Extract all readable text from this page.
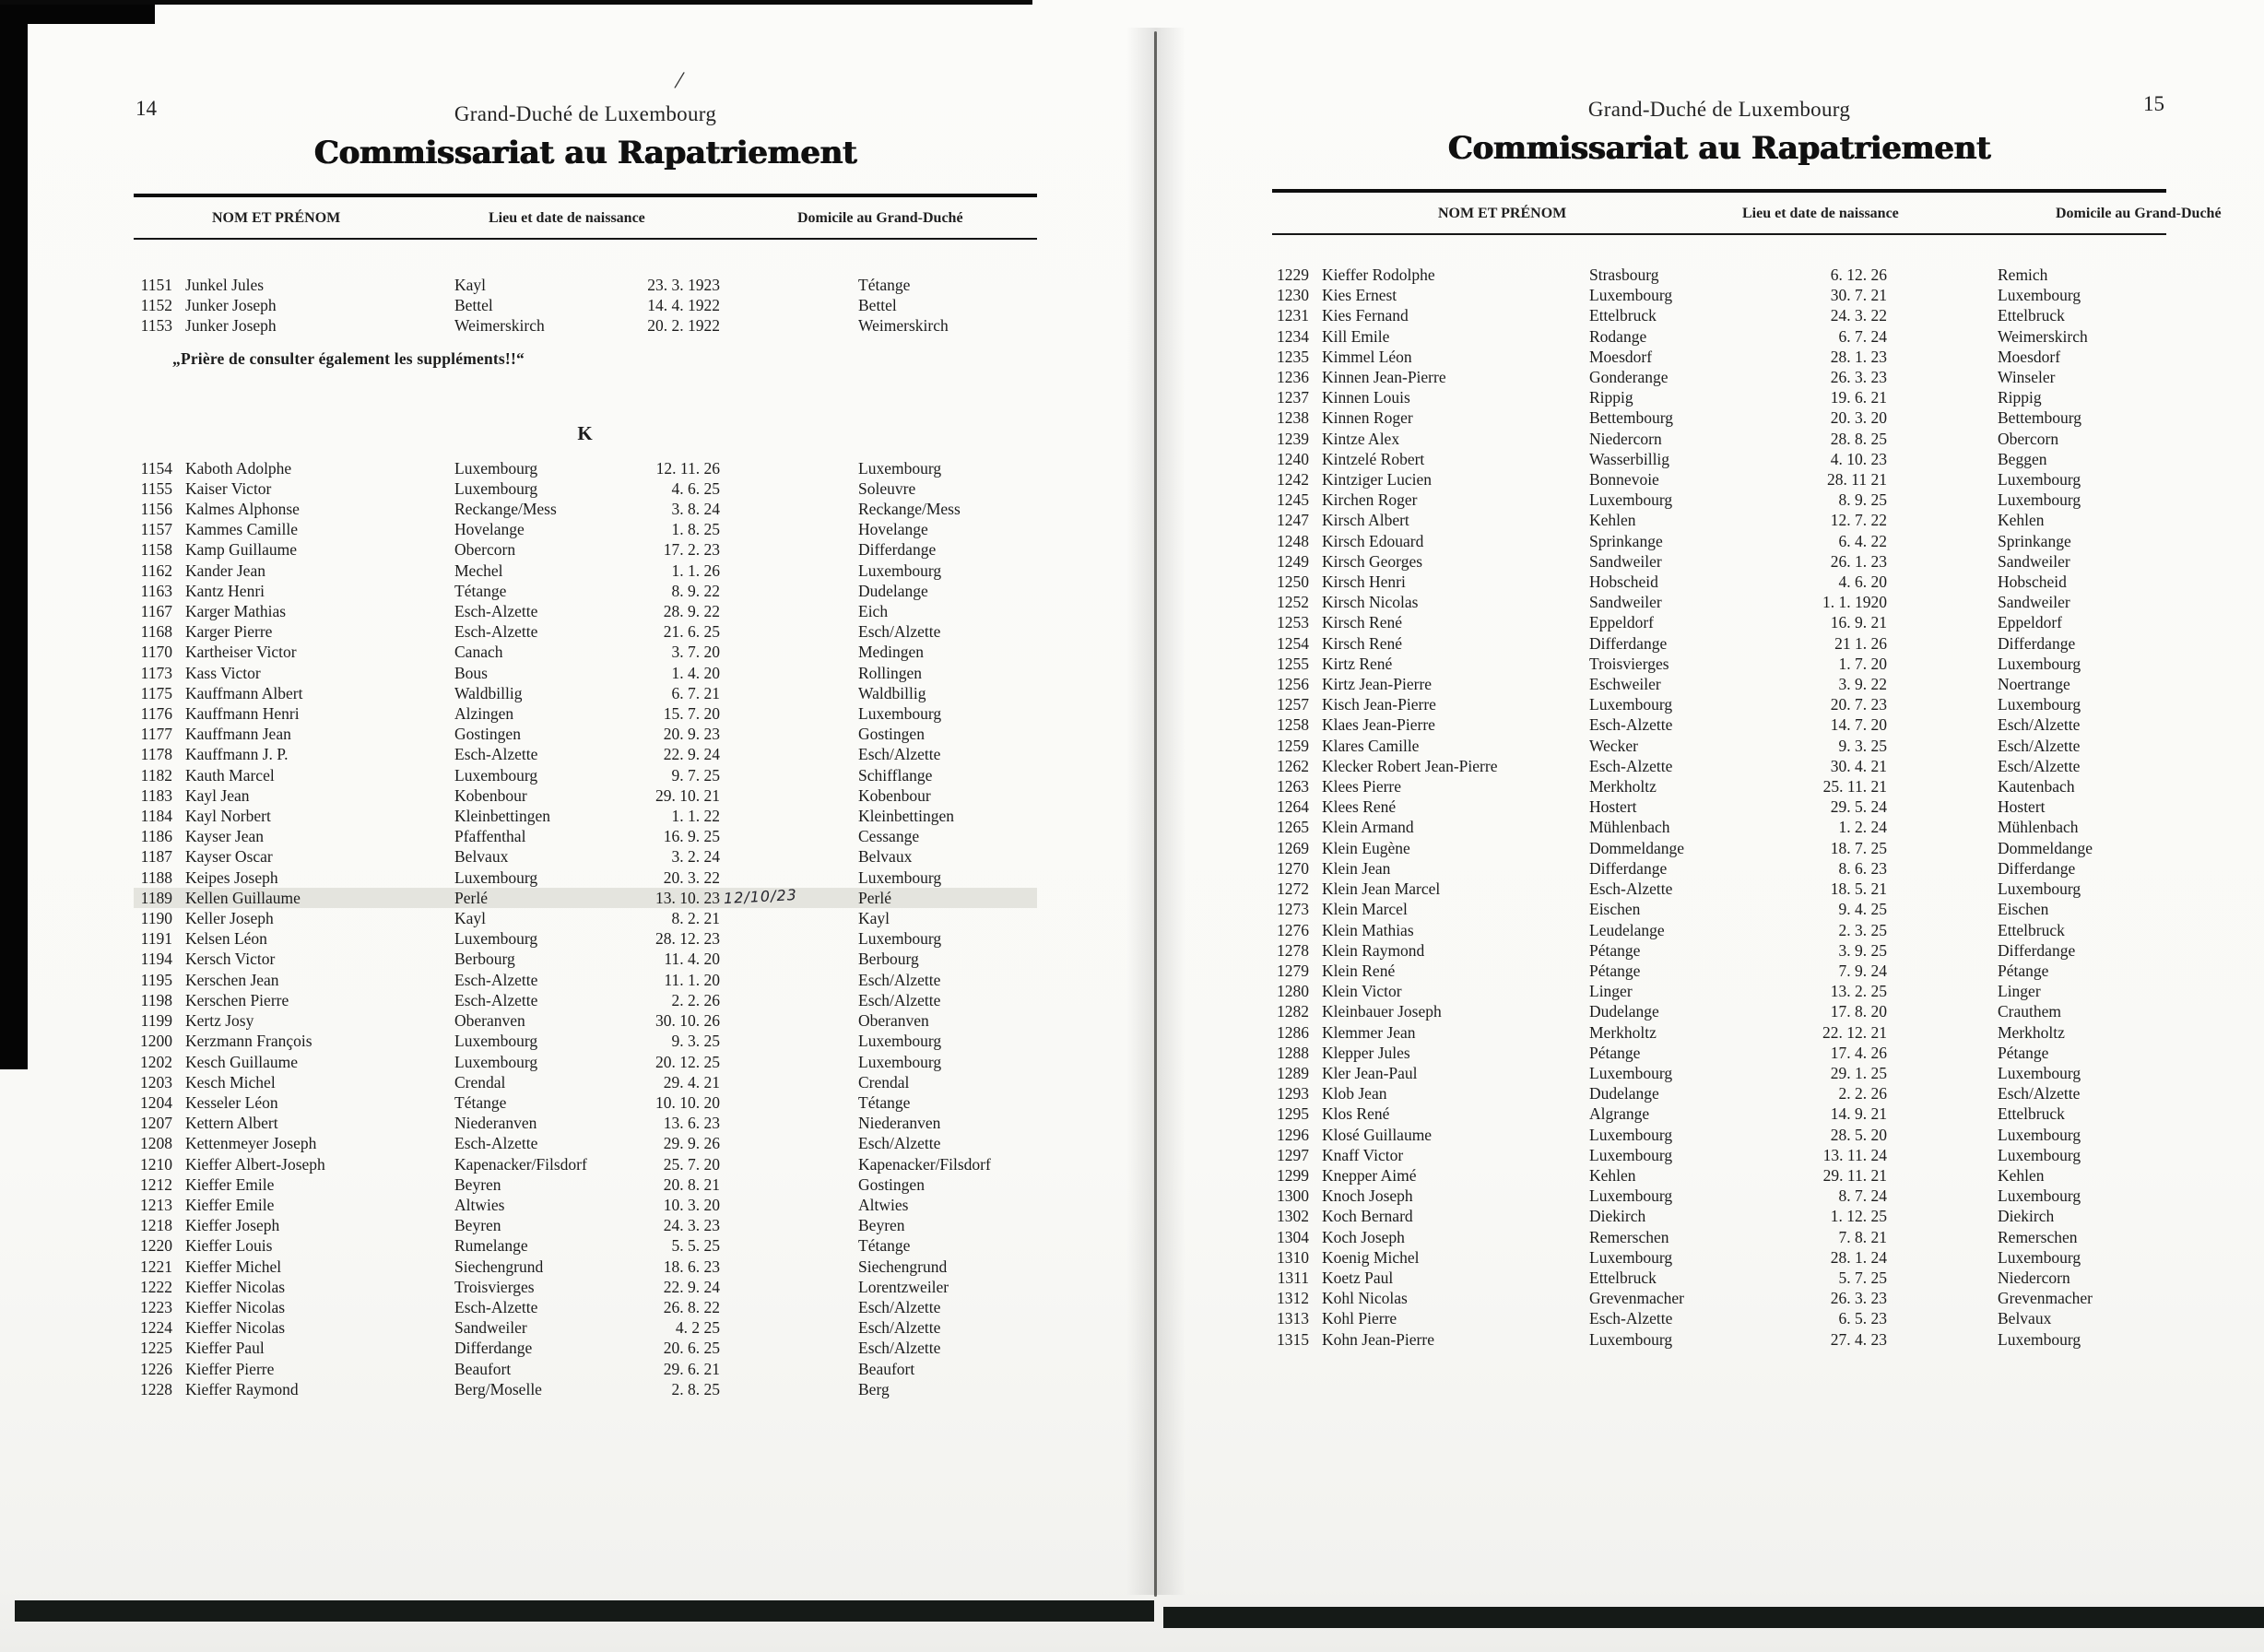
/
14	Grand-Duché de Luxembourg
Commissariat au Rapatriement
NOM ET PRÉNOM	Lieu et date de naissance	Domicile au Grand-Duché
1151 Junkel Jules	Kayl	23. 3. 1923	Tétange
1152 Junker Joseph	Bettel	14. 4. 1922	Bettel
1153 Junker Joseph	Weimerskirch	20. 2. 1922	Weimerskirch
„Prière de consulter également les suppléments!!“
K
1154 Kaboth Adolphe	Luxembourg	12. 11. 26	Luxembourg
1155 Kaiser Victor	Luxembourg	4. 6. 25	Soleuvre
1156 Kalmes Alphonse	Reckange/Mess	3. 8. 24	Reckange/Mess
1157 Kammes Camille	Hovelange	1. 8. 25	Hovelange
1158 Kamp Guillaume	Obercorn	17. 2. 23	Differdange
1162 Kander Jean	Mechel	1. 1. 26	Luxembourg
1163 Kantz Henri	Tétange	8. 9. 22	Dudelange
1167 Karger Mathias	Esch-Alzette	28. 9. 22	Eich
1168 Karger Pierre	Esch-Alzette	21. 6. 25	Esch/Alzette
1170 Kartheiser Victor	Canach	3. 7. 20	Medingen
1173 Kass Victor	Bous	1. 4. 20	Rollingen
1175 Kauffmann Albert	Waldbillig	6. 7. 21	Waldbillig
1176 Kauffmann Henri	Alzingen	15. 7. 20	Luxembourg
1177 Kauffmann Jean	Gostingen	20. 9. 23	Gostingen
1178 Kauffmann J. P.	Esch-Alzette	22. 9. 24	Esch/Alzette
1182 Kauth Marcel	Luxembourg	9. 7. 25	Schifflange
1183 Kayl Jean	Kobenbour	29. 10. 21	Kobenbour
1184 Kayl Norbert	Kleinbettingen	1. 1. 22	Kleinbettingen
1186 Kayser Jean	Pfaffenthal	16. 9. 25	Cessange
1187 Kayser Oscar	Belvaux	3. 2. 24	Belvaux
1188 Keipes Joseph	Luxembourg	20. 3. 22	Luxembourg
1189 Kellen Guillaume	Perlé	13. 10. 23	Perlé
12/10/23
1190 Keller Joseph	Kayl	8. 2. 21	Kayl
1191 Kelsen Léon	Luxembourg	28. 12. 23	Luxembourg
1194 Kersch Victor	Berbourg	11. 4. 20	Berbourg
1195 Kerschen Jean	Esch-Alzette	11. 1. 20	Esch/Alzette
1198 Kerschen Pierre	Esch-Alzette	2. 2. 26	Esch/Alzette
1199 Kertz Josy	Oberanven	30. 10. 26	Oberanven
1200 Kerzmann François	Luxembourg	9. 3. 25	Luxembourg
1202 Kesch Guillaume	Luxembourg	20. 12. 25	Luxembourg
1203 Kesch Michel	Crendal	29. 4. 21	Crendal
1204 Kesseler Léon	Tétange	10. 10. 20	Tétange
1207 Kettern Albert	Niederanven	13. 6. 23	Niederanven
1208 Kettenmeyer Joseph	Esch-Alzette	29. 9. 26	Esch/Alzette
1210 Kieffer Albert-Joseph	Kapenacker/Filsdorf	25. 7. 20	Kapenacker/Filsdorf
1212 Kieffer Emile	Beyren	20. 8. 21	Gostingen
1213 Kieffer Emile	Altwies	10. 3. 20	Altwies
1218 Kieffer Joseph	Beyren	24. 3. 23	Beyren
1220 Kieffer Louis	Rumelange	5. 5. 25	Tétange
1221 Kieffer Michel	Siechengrund	18. 6. 23	Siechengrund
1222 Kieffer Nicolas	Troisvierges	22. 9. 24	Lorentzweiler
1223 Kieffer Nicolas	Esch-Alzette	26. 8. 22	Esch/Alzette
1224 Kieffer Nicolas	Sandweiler	4. 2 25	Esch/Alzette
1225 Kieffer Paul	Differdange	20. 6. 25	Esch/Alzette
1226 Kieffer Pierre	Beaufort	29. 6. 21	Beaufort
1228 Kieffer Raymond	Berg/Moselle	2. 8. 25	Berg
15
Grand-Duché de Luxembourg
Commissariat au Rapatriement
NOM ET PRÉNOM	Lieu et date de naissance	Domicile au Grand-Duché
1229 Kieffer Rodolphe	Strasbourg	6. 12. 26	Remich
1230 Kies Ernest	Luxembourg	30. 7. 21	Luxembourg
1231 Kies Fernand	Ettelbruck	24. 3. 22	Ettelbruck
1234 Kill Emile	Rodange	6. 7. 24	Weimerskirch
1235 Kimmel Léon	Moesdorf	28. 1. 23	Moesdorf
1236 Kinnen Jean-Pierre	Gonderange	26. 3. 23	Winseler
1237 Kinnen Louis	Rippig	19. 6. 21	Rippig
1238 Kinnen Roger	Bettembourg	20. 3. 20	Bettembourg
1239 Kintze Alex	Niedercorn	28. 8. 25	Obercorn
1240 Kintzelé Robert	Wasserbillig	4. 10. 23	Beggen
1242 Kintziger Lucien	Bonnevoie	28. 11 21	Luxembourg
1245 Kirchen Roger	Luxembourg	8. 9. 25	Luxembourg
1247 Kirsch Albert	Kehlen	12. 7. 22	Kehlen
1248 Kirsch Edouard	Sprinkange	6. 4. 22	Sprinkange
1249 Kirsch Georges	Sandweiler	26. 1. 23	Sandweiler
1250 Kirsch Henri	Hobscheid	4. 6. 20	Hobscheid
1252 Kirsch Nicolas	Sandweiler	1. 1. 1920	Sandweiler
1253 Kirsch René	Eppeldorf	16. 9. 21	Eppeldorf
1254 Kirsch René	Differdange	21 1. 26	Differdange
1255 Kirtz René	Troisvierges	1. 7. 20	Luxembourg
1256 Kirtz Jean-Pierre	Eschweiler	3. 9. 22	Noertrange
1257 Kisch Jean-Pierre	Luxembourg	20. 7. 23	Luxembourg
1258 Klaes Jean-Pierre	Esch-Alzette	14. 7. 20	Esch/Alzette
1259 Klares Camille	Wecker	9. 3. 25	Esch/Alzette
1262 Klecker Robert Jean-Pierre	Esch-Alzette	30. 4. 21	Esch/Alzette
1263 Klees Pierre	Merkholtz	25. 11. 21	Kautenbach
1264 Klees René	Hostert	29. 5. 24	Hostert
1265 Klein Armand	Mühlenbach	1. 2. 24	Mühlenbach
1269 Klein Eugène	Dommeldange	18. 7. 25	Dommeldange
1270 Klein Jean	Differdange	8. 6. 23	Differdange
1272 Klein Jean Marcel	Esch-Alzette	18. 5. 21	Luxembourg
1273 Klein Marcel	Eischen	9. 4. 25	Eischen
1276 Klein Mathias	Leudelange	2. 3. 25	Ettelbruck
1278 Klein Raymond	Pétange	3. 9. 25	Differdange
1279 Klein René	Pétange	7. 9. 24	Pétange
1280 Klein Victor	Linger	13. 2. 25	Linger
1282 Kleinbauer Joseph	Dudelange	17. 8. 20	Crauthem
1286 Klemmer Jean	Merkholtz	22. 12. 21	Merkholtz
1288 Klepper Jules	Pétange	17. 4. 26	Pétange
1289 Kler Jean-Paul	Luxembourg	29. 1. 25	Luxembourg
1293 Klob Jean	Dudelange	2. 2. 26	Esch/Alzette
1295 Klos René	Algrange	14. 9. 21	Ettelbruck
1296 Klosé Guillaume	Luxembourg	28. 5. 20	Luxembourg
1297 Knaff Victor	Luxembourg	13. 11. 24	Luxembourg
1299 Knepper Aimé	Kehlen	29. 11. 21	Kehlen
1300 Knoch Joseph	Luxembourg	8. 7. 24	Luxembourg
1302 Koch Bernard	Diekirch	1. 12. 25	Diekirch
1304 Koch Joseph	Remerschen	7. 8. 21	Remerschen
1310 Koenig Michel	Luxembourg	28. 1. 24	Luxembourg
1311 Koetz Paul	Ettelbruck	5. 7. 25	Niedercorn
1312 Kohl Nicolas	Grevenmacher	26. 3. 23	Grevenmacher
1313 Kohl Pierre	Esch-Alzette	6. 5. 23	Belvaux
1315 Kohn Jean-Pierre	Luxembourg	27. 4. 23	Luxembourg
